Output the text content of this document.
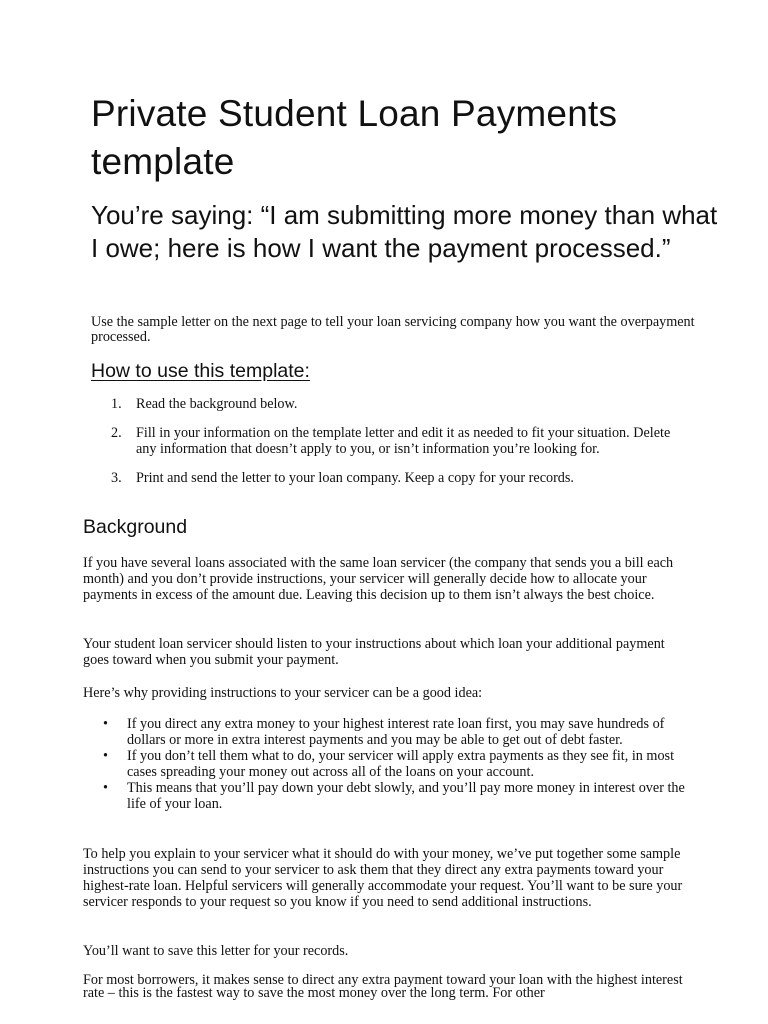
Private Student Loan Payments template
You’re saying: “I am submitting more money than what I owe; here is how I want the payment processed.”

Use the sample letter on the next page to tell your loan servicing company how you want the overpayment processed.

How to use this template:
1. Read the background below.
2. Fill in your information on the template letter and edit it as needed to fit your situation. Delete any information that doesn’t apply to you, or isn’t information you’re looking for.
3. Print and send the letter to your loan company. Keep a copy for your records.
Background

If you have several loans associated with the same loan servicer (the company that sends you a bill each month) and you don’t provide instructions, your servicer will generally decide how to allocate your payments in excess of the amount due. Leaving this decision up to them isn’t always the best choice.

Your student loan servicer should listen to your instructions about which loan your additional payment goes toward when you submit your payment.

Here’s why providing instructions to your servicer can be a good idea:

• If you direct any extra money to your highest interest rate loan first, you may save hundreds of dollars or more in extra interest payments and you may be able to get out of debt faster.
• If you don’t tell them what to do, your servicer will apply extra payments as they see fit, in most cases spreading your money out across all of the loans on your account.
• This means that you’ll pay down your debt slowly, and you’ll pay more money in interest over the life of your loan.

To help you explain to your servicer what it should do with your money, we’ve put together some sample instructions you can send to your servicer to ask them that they direct any extra payments toward your highest-rate loan. Helpful servicers will generally accommodate your request. You’ll want to be sure your servicer responds to your request so you know if you need to send additional instructions.

You’ll want to save this letter for your records.

For most borrowers, it makes sense to direct any extra payment toward your loan with the highest interest rate – this is the fastest way to save the most money over the long term. For other
